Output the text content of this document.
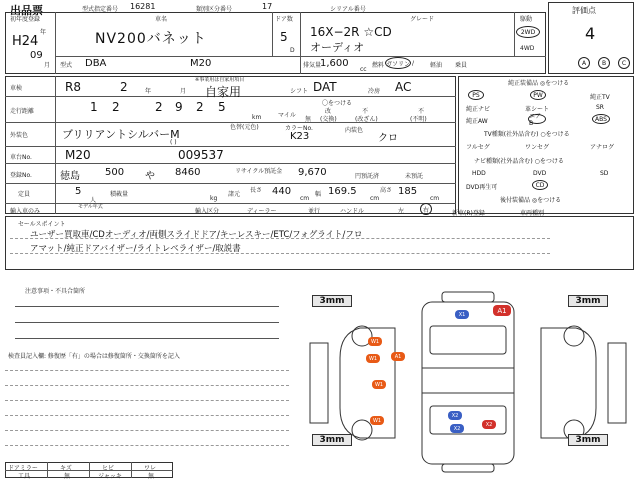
出品票	型式指定番号 16281	類別区分番号	17	シリアル番号	評価点
4
初年度登録
H24
年
09
月
車名
NV200バネット
ドア数
5
D
グレード
16X−2R ☆CD
オーディオ
駆動
2WD
4WD
型式 DBA	M20	排気量
1,600
cc
燃料 ガソリン /	軽油 乗員	A	B	C
車検	R8	2	年	月
※事業用は自家用項目
自家用	シフト DAT	冷房 AC
〇をつける
走行距離	1 2	2 9 2 5
km	マイル
改	不	不
無 (交換)	(改ざん)	(不明)
外装色	ブリリアントシルバーM
( )
色替(元色)	カラーNo.
K23
内装色
クロ
車台No.	M20	009537
登録No.	徳島	500 や 8460	リサイクル預託金 9,670	円預託済	未預託
定員	5
人
積載量
kg
諸元
長さ 440
cm
幅 169.5
cm
高さ 185
cm
輸入車のみ
モデル年式
輸入区分	ディーラー	並行	ハンドル	左	右
純正装備品 ◎をつける
PS	PW	純正TV
純正ナビ	革シート	SR
純正AW
エアB
ABS
TV種類(社外品含む) ○をつける
フルセグ	ワンセグ	アナログ
ナビ種類(社外品含む) ○をつける
HDD	DVD	SD
DVD再生可	CD
後付装備品 ◎をつける
新車(R)登録	車両種別
セールスポイント
ユーザー買取車/CDオーディオ/両側スライドドア/キーレスキー/ETC/フォグライト/フロ
アマット/純正ドアバイザー/ライトレベライザー/取説書
注意事項・不具合箇所
検査員記入欄: 修復歴「有」の場合は修復箇所・交換箇所を記入
ドアミラー	キズ	ヒビ	ワレ
工具	無	ジャッキ	無
3mm	3mm
3mm	3mm
A1
X1
W1
A1
W1
W1
W1
X2
X2
X2
